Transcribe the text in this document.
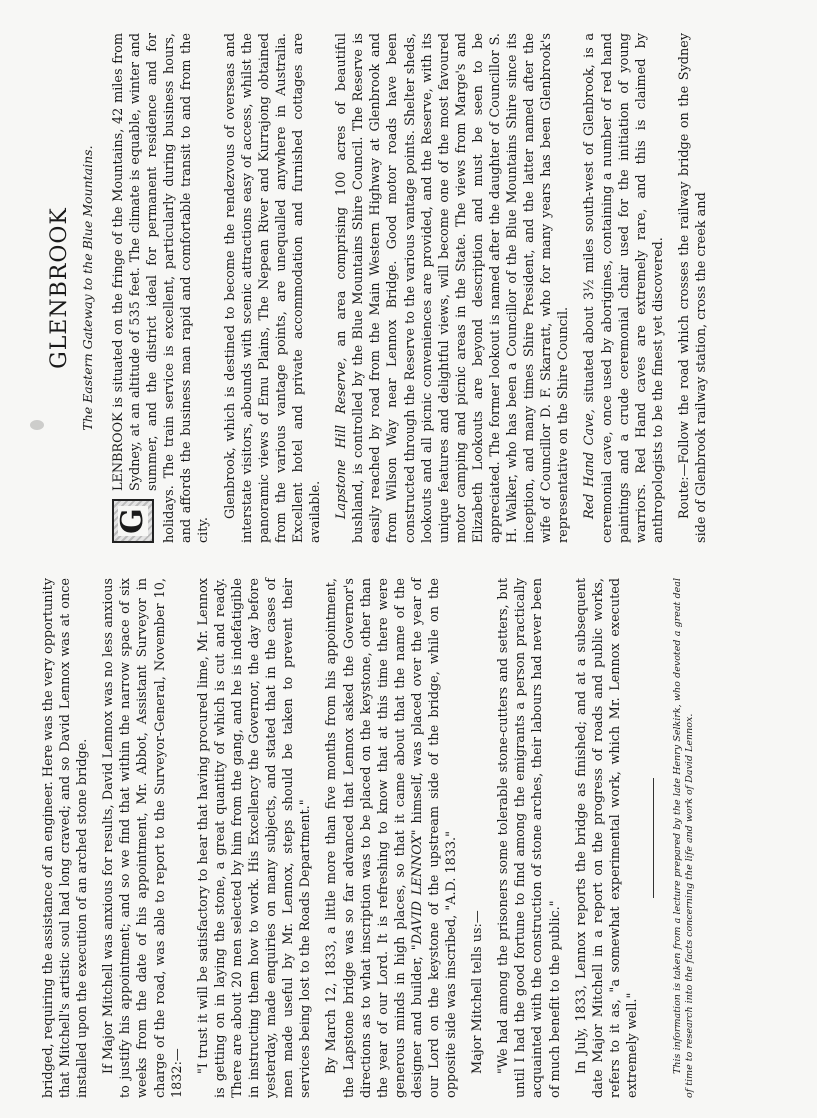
bridged, requiring the assistance of an engineer. Here was the very opportunity that Mitchell's artistic soul had long craved; and so David Lennox was at once installed upon the execution of an arched stone bridge. If Major Mitchell was anxious for results, David Lennox was no less anxious to justify his appointment; and so we find that within the narrow space of six weeks from the date of his appointment, Mr. Abbot, Assistant Surveyor in charge of the road, was able to report to the Surveyor-General, November 10, 1832:— "I trust it will be satisfactory to hear that having procured lime, Mr. Lennox is getting on in laying the stone, a great quantity of which is cut and ready. There are about 20 men selected by him from the gang, and he is indefatigible in instructing them how to work. His Excellency the Governor, the day before yesterday, made enquiries on many subjects, and stated that in the cases of men made useful by Mr. Lennox, steps should be taken to prevent their services being lost to the Roads Department." By March 12, 1833, a little more than five months from his appointment, the Lapstone bridge was so far advanced that Lennox asked the Governor's directions as to what inscription was to be placed on the keystone, other than the year of our Lord. It is refreshing to know that at this time there were generous minds in high places, so that it came about that the name of the designer and builder, "DAVID LENNOX" himself, was placed over the year of our Lord on the keystone of the upstream side of the bridge, while on the opposite side was inscribed, "A.D. 1833." Major Mitchell tells us:— "We had among the prisoners some tolerable stone-cutters and setters, but until I had the good fortune to find among the emigrants a person practically acquainted with the construction of stone arches, their labours had never been of much benefit to the public." In July, 1833, Lennox reports the bridge as finished; and at a subsequent date Major Mitchell in a report on the progress of roads and public works, refers to it as, "a somewhat experimental work, which Mr. Lennox executed extremely well."	This information is taken from a lecture prepared by the late Henry Selkirk, who devoted a great deal of time to research into the facts concerning the life and work of David Lennox.
GLENBROOK The Eastern Gateway to the Blue Mountains.

G
LENBROOK is situated on the fringe of the Mountains, 42 miles from Sydney, at an altitude of 535 feet. The climate is equable, winter and summer, and the district ideal for permanent residence and for holidays. The train service is excellent, particularly during business hours, and affords the business man rapid and comfortable transit to and from the city.

Glenbrook, which is destined to become the rendezvous of overseas and interstate visitors, abounds with scenic attractions easy of access, whilst the panoramic views of Emu Plains, The Nepean River and Kurrajong obtained from the various vantage points, are unequalled anywhere in Australia. Excellent hotel and private accommodation and furnished cottages are available. Lapstone Hill Reserve, an area comprising 100 acres of beautiful bushland, is controlled by the Blue Mountains Shire Council. The Reserve is easily reached by road from the Main Western Highway at Glenbrook and from Wilson Way near Lennox Bridge. Good motor roads have been constructed through the Reserve to the various vantage points. Shelter sheds, lookouts and all picnic conveniences are provided, and the Reserve, with its unique features and delightful views, will become one of the most favoured motor camping and picnic areas in the State. The views from Marge's and Elizabeth Lookouts are beyond description and must be seen to be appreciated. The former lookout is named after the daughter of Councillor S. H. Walker, who has been a Councillor of the Blue Mountains Shire since its inception, and many times Shire President, and the latter named after the wife of Councillor D. F. Skarratt, who for many years has been Glenbrook's representative on the Shire Council. Red Hand Cave, situated about 3½ miles south-west of Glenbrook, is a ceremonial cave, once used by aborigines, containing a number of red hand paintings and a crude ceremonial chair used for the initiation of young warriors. Red Hand caves are extremely rare, and this is claimed by anthropologists to be the finest yet discovered. Route:—Follow the road which crosses the railway bridge on the Sydney side of Glenbrook railway station, cross the creek and
